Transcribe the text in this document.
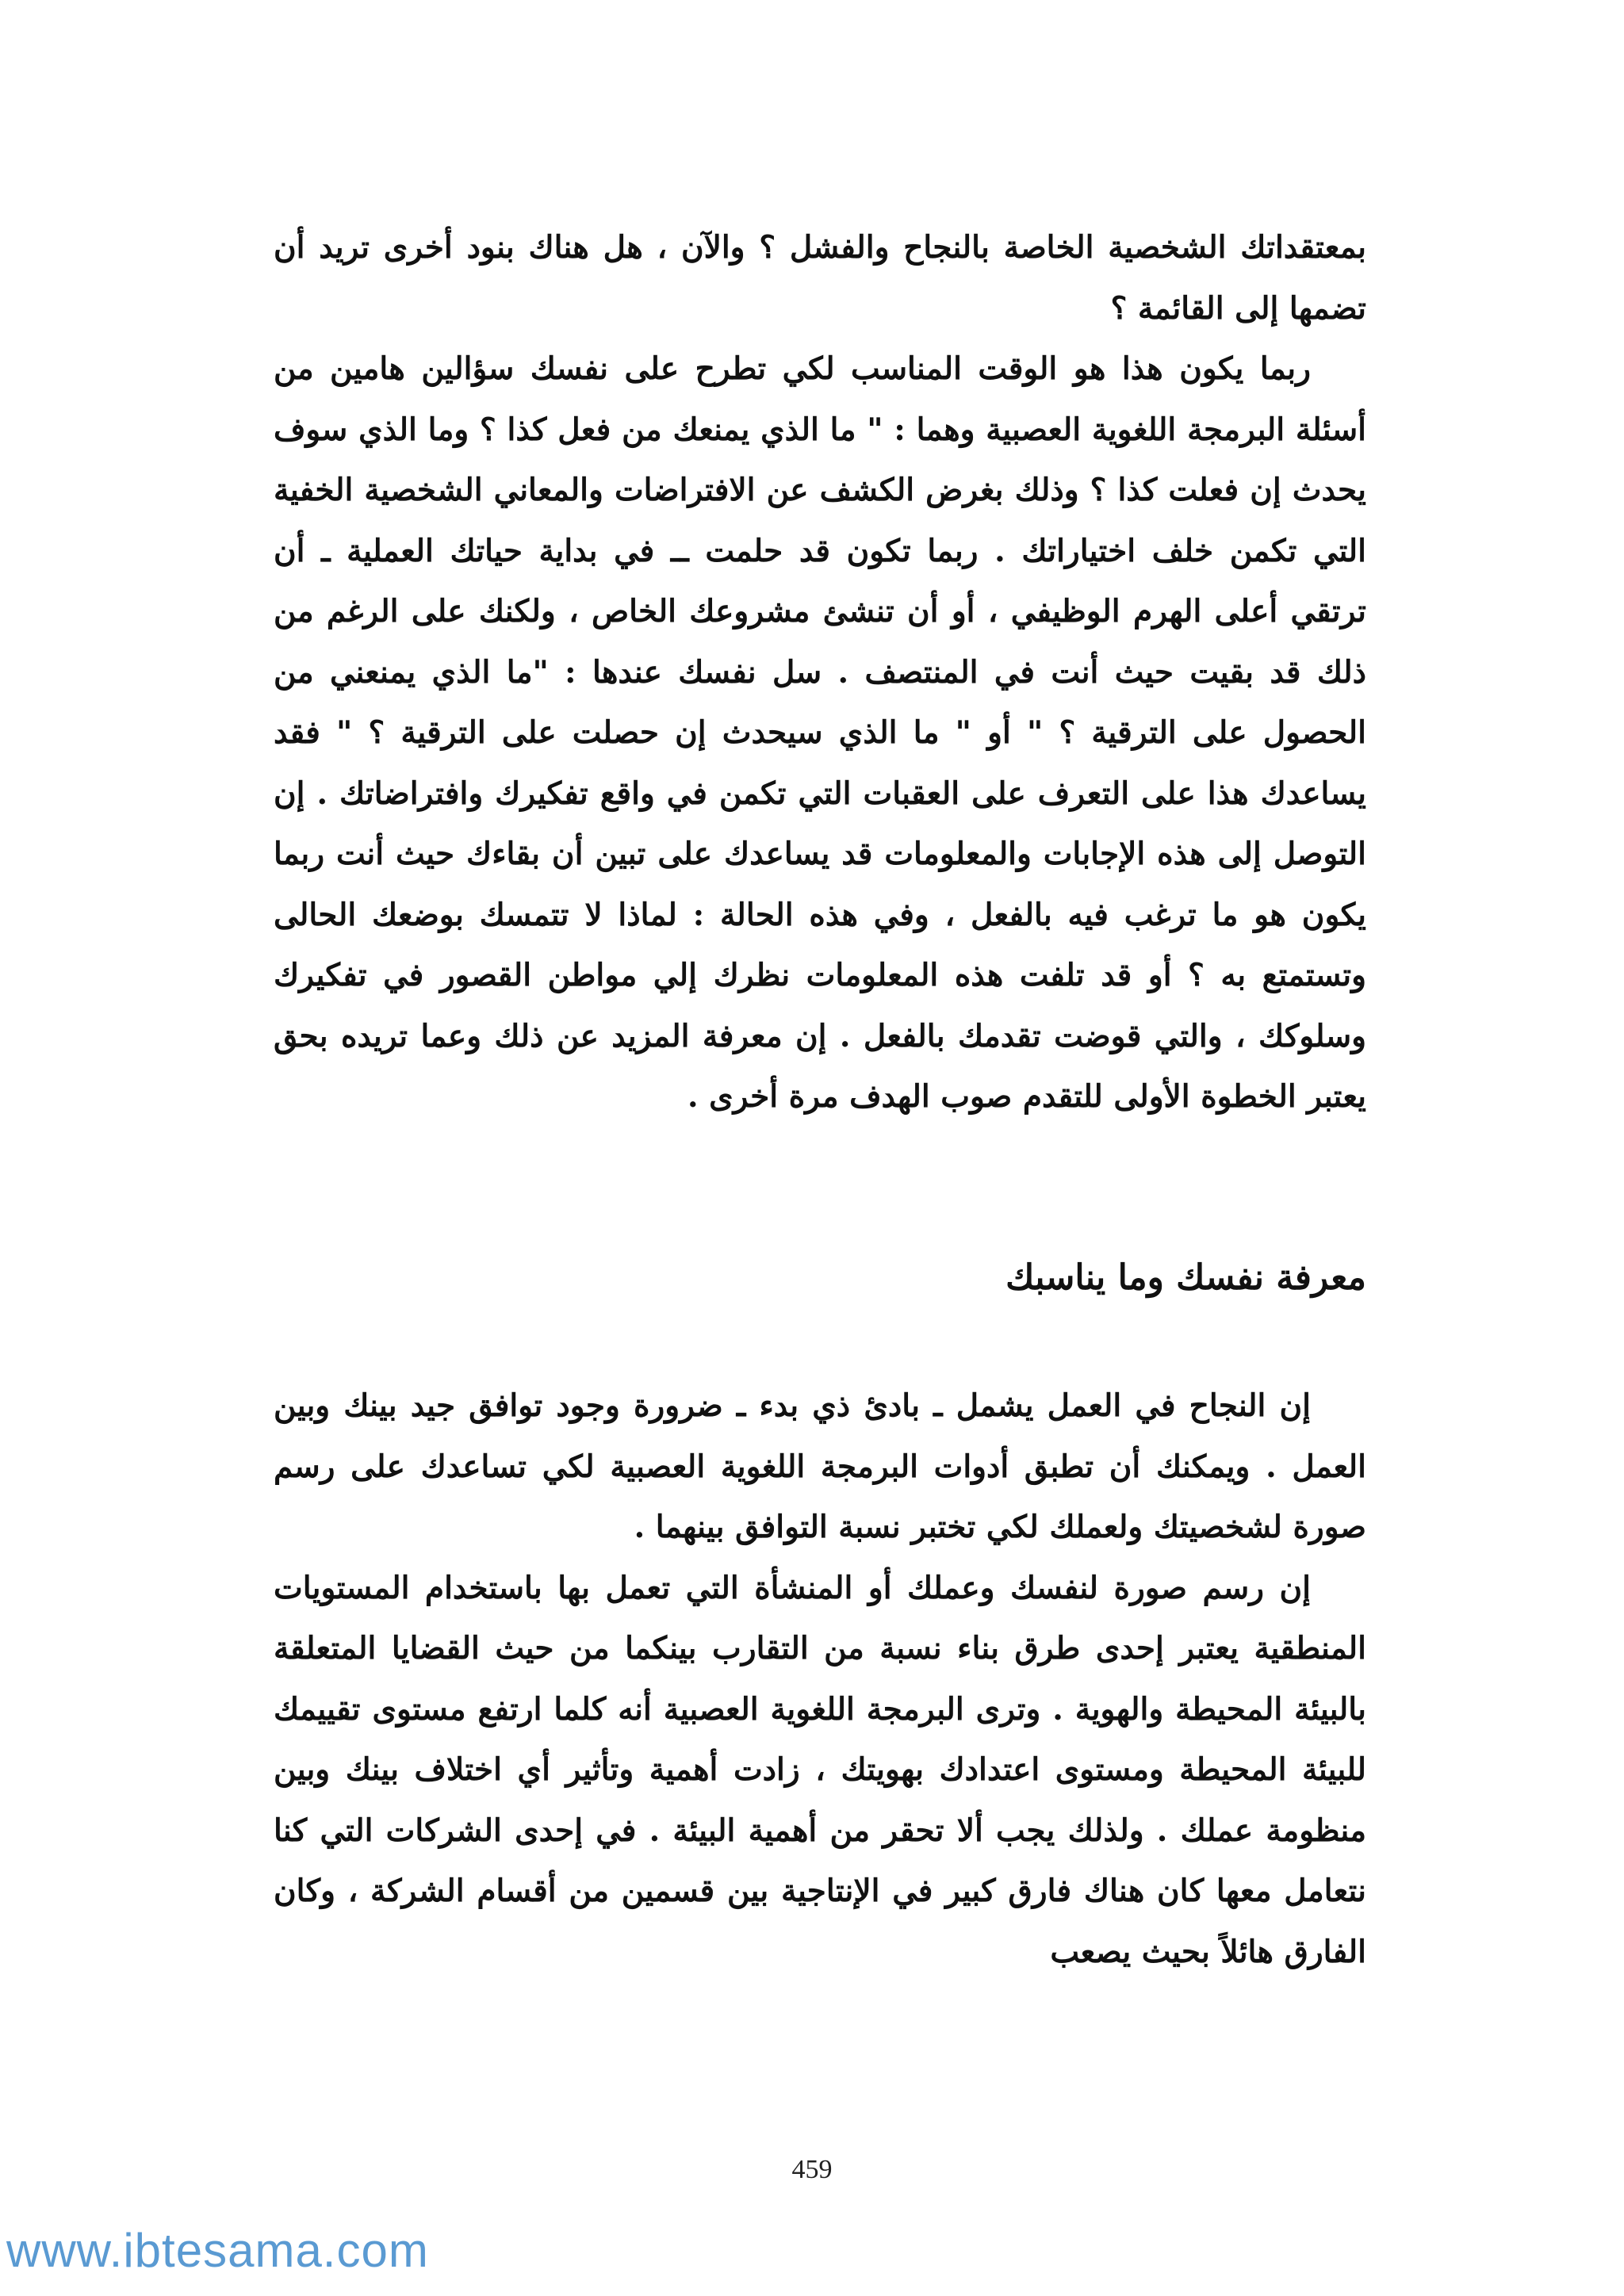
بمعتقداتك الشخصية الخاصة بالنجاح والفشل ؟ والآن ، هل هناك بنود أخرى تريد أن تضمها إلى القائمة ؟

ربما يكون هذا هو الوقت المناسب لكي تطرح على نفسك سؤالين هامين من أسئلة البرمجة اللغوية العصبية وهما : " ما الذي يمنعك من فعل كذا ؟ وما الذي سوف يحدث إن فعلت كذا ؟ وذلك بغرض الكشف عن الافتراضات والمعاني الشخصية الخفية التي تكمن خلف اختياراتك . ربما تكون قد حلمت ــ في بداية حياتك العملية ـ أن ترتقي أعلى الهرم الوظيفي ، أو أن تنشئ مشروعك الخاص ، ولكنك على الرغم من ذلك قد بقيت حيث أنت في المنتصف . سل نفسك عندها : "ما الذي يمنعني من الحصول على الترقية ؟ " أو " ما الذي سيحدث إن حصلت على الترقية ؟ " فقد يساعدك هذا على التعرف على العقبات التي تكمن في واقع تفكيرك وافتراضاتك . إن التوصل إلى هذه الإجابات والمعلومات قد يساعدك على تبين أن بقاءك حيث أنت ربما يكون هو ما ترغب فيه بالفعل ، وفي هذه الحالة : لماذا لا تتمسك بوضعك الحالى وتستمتع به ؟ أو قد تلفت هذه المعلومات نظرك إلي مواطن القصور في تفكيرك وسلوكك ، والتي قوضت تقدمك بالفعل . إن معرفة المزيد عن ذلك وعما تريده بحق يعتبر الخطوة الأولى للتقدم صوب الهدف مرة أخرى .

معرفة نفسك وما يناسبك

إن النجاح في العمل يشمل ـ بادئ ذي بدء ـ ضرورة وجود توافق جيد بينك وبين العمل . ويمكنك أن تطبق أدوات البرمجة اللغوية العصبية لكي تساعدك على رسم صورة لشخصيتك ولعملك لكي تختبر نسبة التوافق بينهما .

إن رسم صورة لنفسك وعملك أو المنشأة التي تعمل بها باستخدام المستويات المنطقية يعتبر إحدى طرق بناء نسبة من التقارب بينكما من حيث القضايا المتعلقة بالبيئة المحيطة والهوية . وترى البرمجة اللغوية العصبية أنه كلما ارتفع مستوى تقييمك للبيئة المحيطة ومستوى اعتدادك بهويتك ، زادت أهمية وتأثير أي اختلاف بينك وبين منظومة عملك . ولذلك يجب ألا تحقر من أهمية البيئة . في إحدى الشركات التي كنا نتعامل معها كان هناك فارق كبير في الإنتاجية بين قسمين من أقسام الشركة ، وكان الفارق هائلاً بحيث يصعب

459
www.ibtesama.com
